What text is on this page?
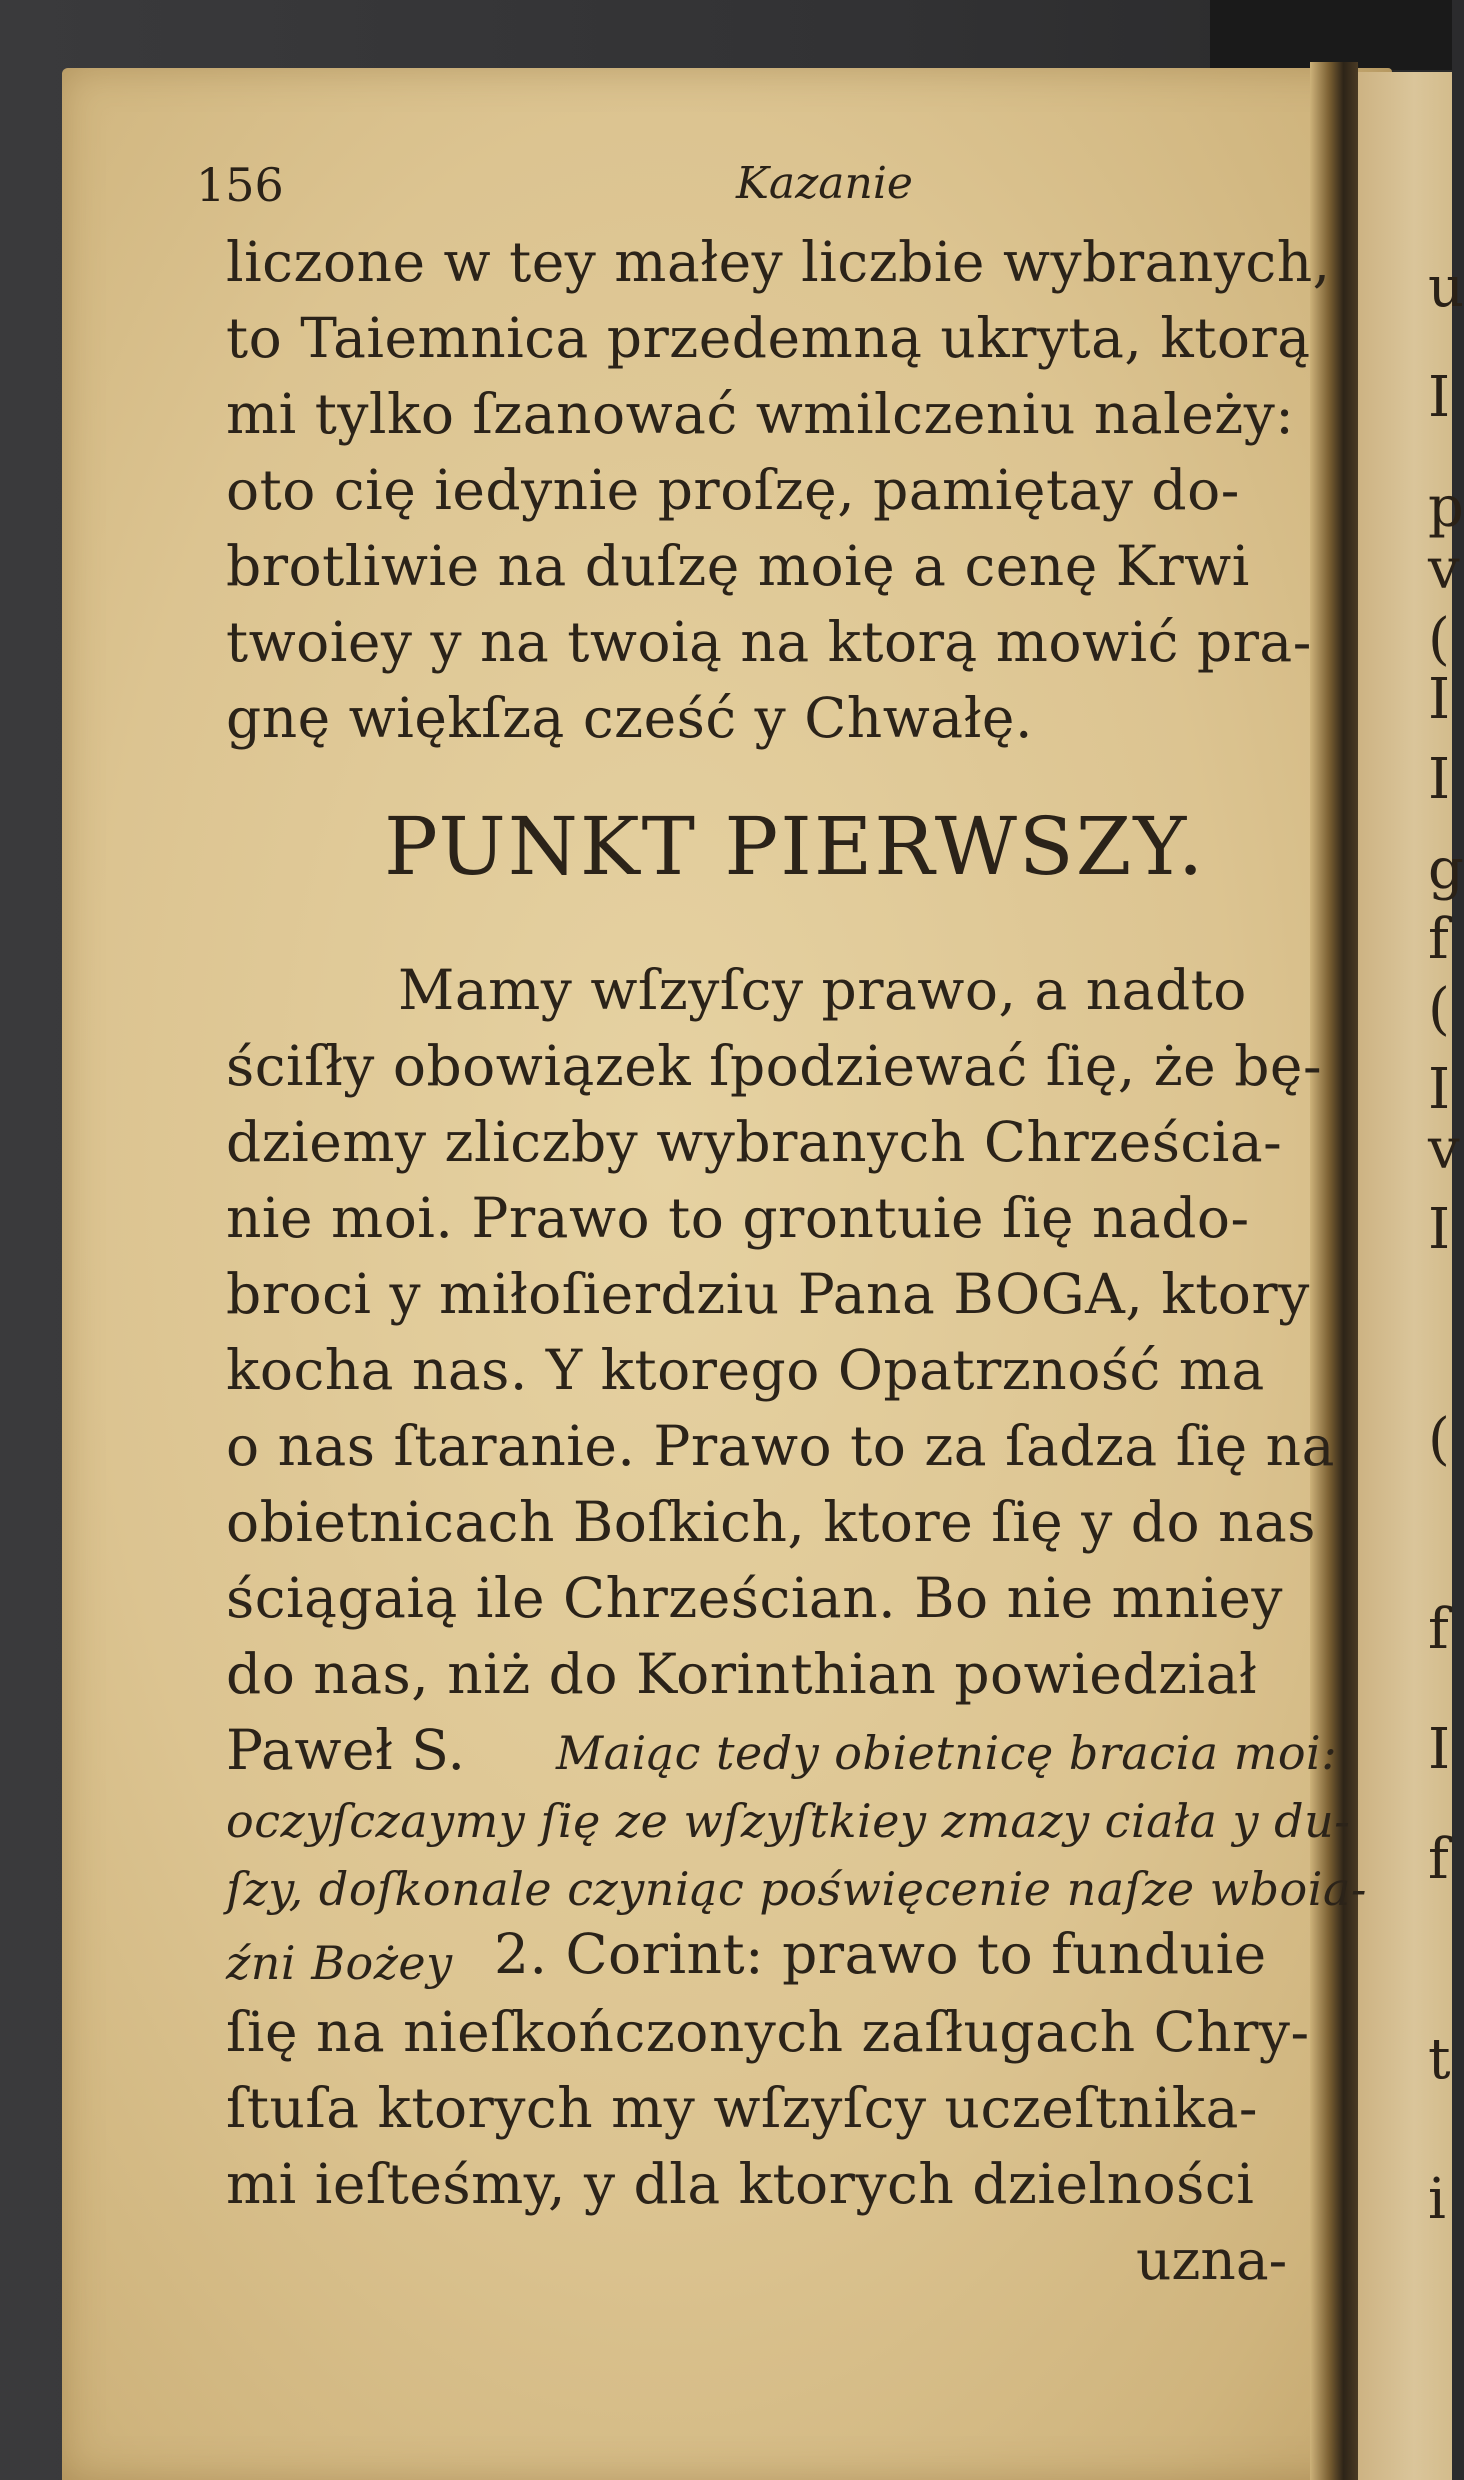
u
I
p
v
(
I
I
g
f
(
I
v
I
(
f
I
f
t
i
156	Kazanie
liczone w tey małey liczbie wybranych,
to Taiemnica przedemną ukryta, ktorą
mi tylko ſzanować wmilczeniu należy:
oto cię iedynie proſzę, pamiętay do-
brotliwie na duſzę moię a cenę Krwi
twoiey y na twoią na ktorą mowić pra-
gnę więkſzą cześć y Chwałę.
PUNKT PIERWSZY.
Mamy wſzyſcy prawo, a nadto
ściſły obowiązek ſpodziewać ſię, że bę-
dziemy zliczby wybranych Chrześcia-
nie moi. Prawo to grontuie ſię nado-
broci y miłoſierdziu Pana BOGA, ktory
kocha nas. Y ktorego Opatrzność ma
o nas ſtaranie. Prawo to za ſadza ſię na
obietnicach Boſkich, ktore ſię y do nas
ściągaią ile Chrześcian. Bo nie mniey
do nas, niż do Korinthian powiedział
Paweł S. Maiąc tedy obietnicę bracia moi:
oczyſczaymy ſię ze wſzyſtkiey zmazy ciała y du-
ſzy, doſkonale czyniąc poświęcenie naſze wboia-
źni Bożey 2. Corint: prawo to funduie
ſię na nieſkończonych zaſługach Chry-
ſtuſa ktorych my wſzyſcy uczeſtnika-
mi ieſteśmy, y dla ktorych dzielności
uzna-
